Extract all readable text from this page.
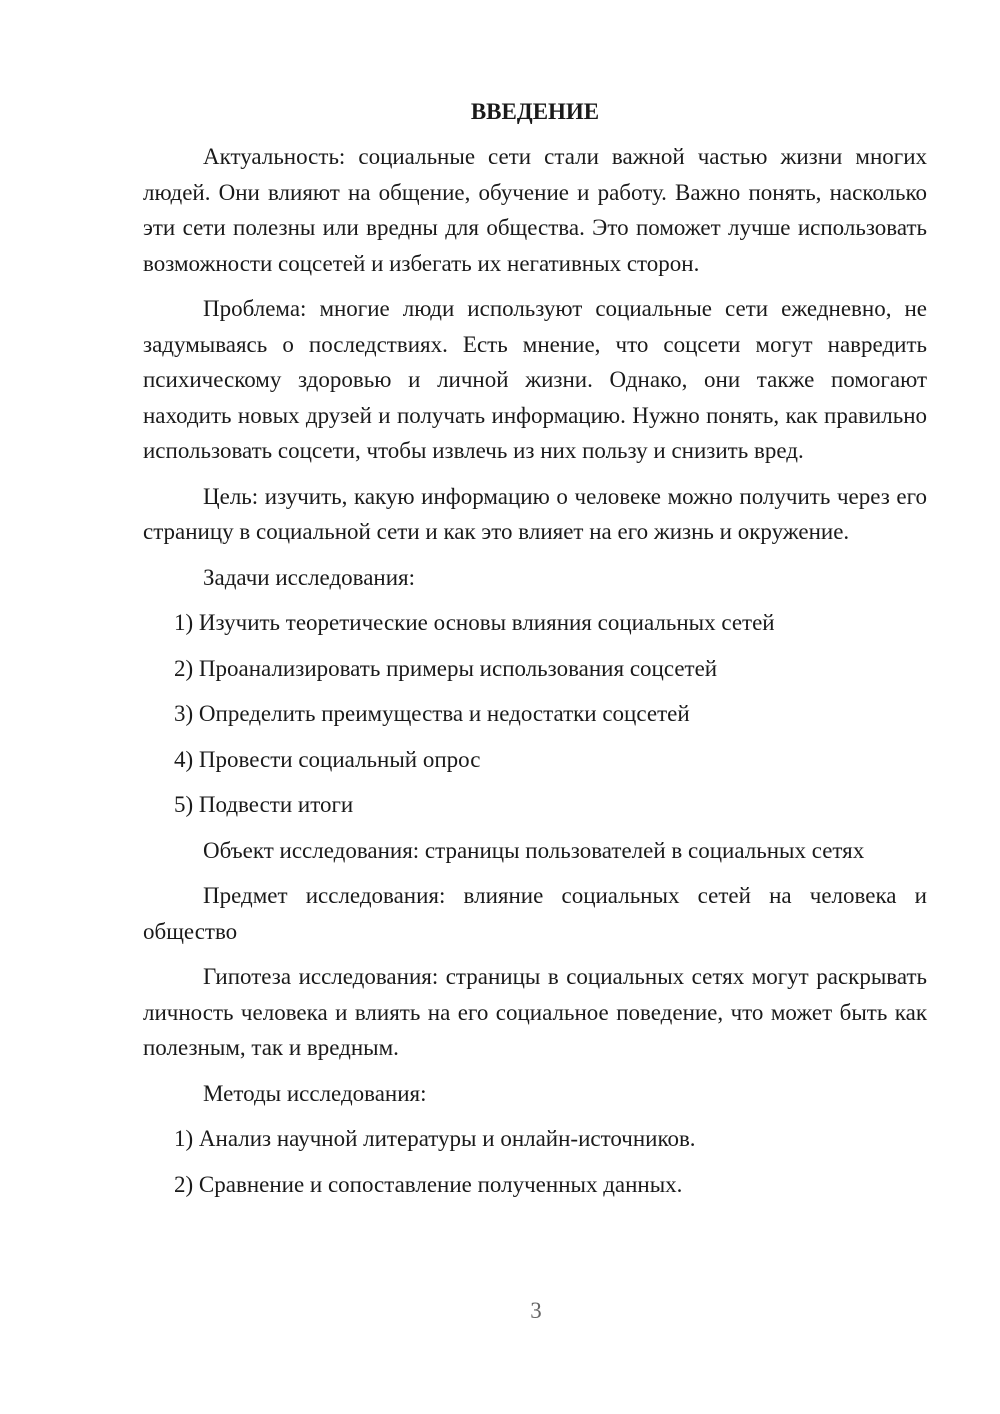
ВВЕДЕНИЕ

Актуальность: социальные сети стали важной частью жизни многих людей. Они влияют на общение, обучение и работу. Важно понять, насколько эти сети полезны или вредны для общества. Это поможет лучше использовать возможности соцсетей и избегать их негативных сторон.

Проблема: многие люди используют социальные сети ежедневно, не задумываясь о последствиях. Есть мнение, что соцсети могут навредить психическому здоровью и личной жизни. Однако, они также помогают находить новых друзей и получать информацию. Нужно понять, как правильно использовать соцсети, чтобы извлечь из них пользу и снизить вред.

Цель: изучить, какую информацию о человеке можно получить через его страницу в социальной сети и как это влияет на его жизнь и окружение.

Задачи исследования:

1) Изучить теоретические основы влияния социальных сетей
2) Проанализировать примеры использования соцсетей
3) Определить преимущества и недостатки соцсетей
4) Провести социальный опрос
5) Подвести итоги

Объект исследования: страницы пользователей в социальных сетях

Предмет исследования: влияние социальных сетей на человека и общество

Гипотеза исследования: страницы в социальных сетях могут раскрывать личность человека и влиять на его социальное поведение, что может быть как полезным, так и вредным.

Методы исследования:

1) Анализ научной литературы и онлайн-источников.
2) Сравнение и сопоставление полученных данных.
3
